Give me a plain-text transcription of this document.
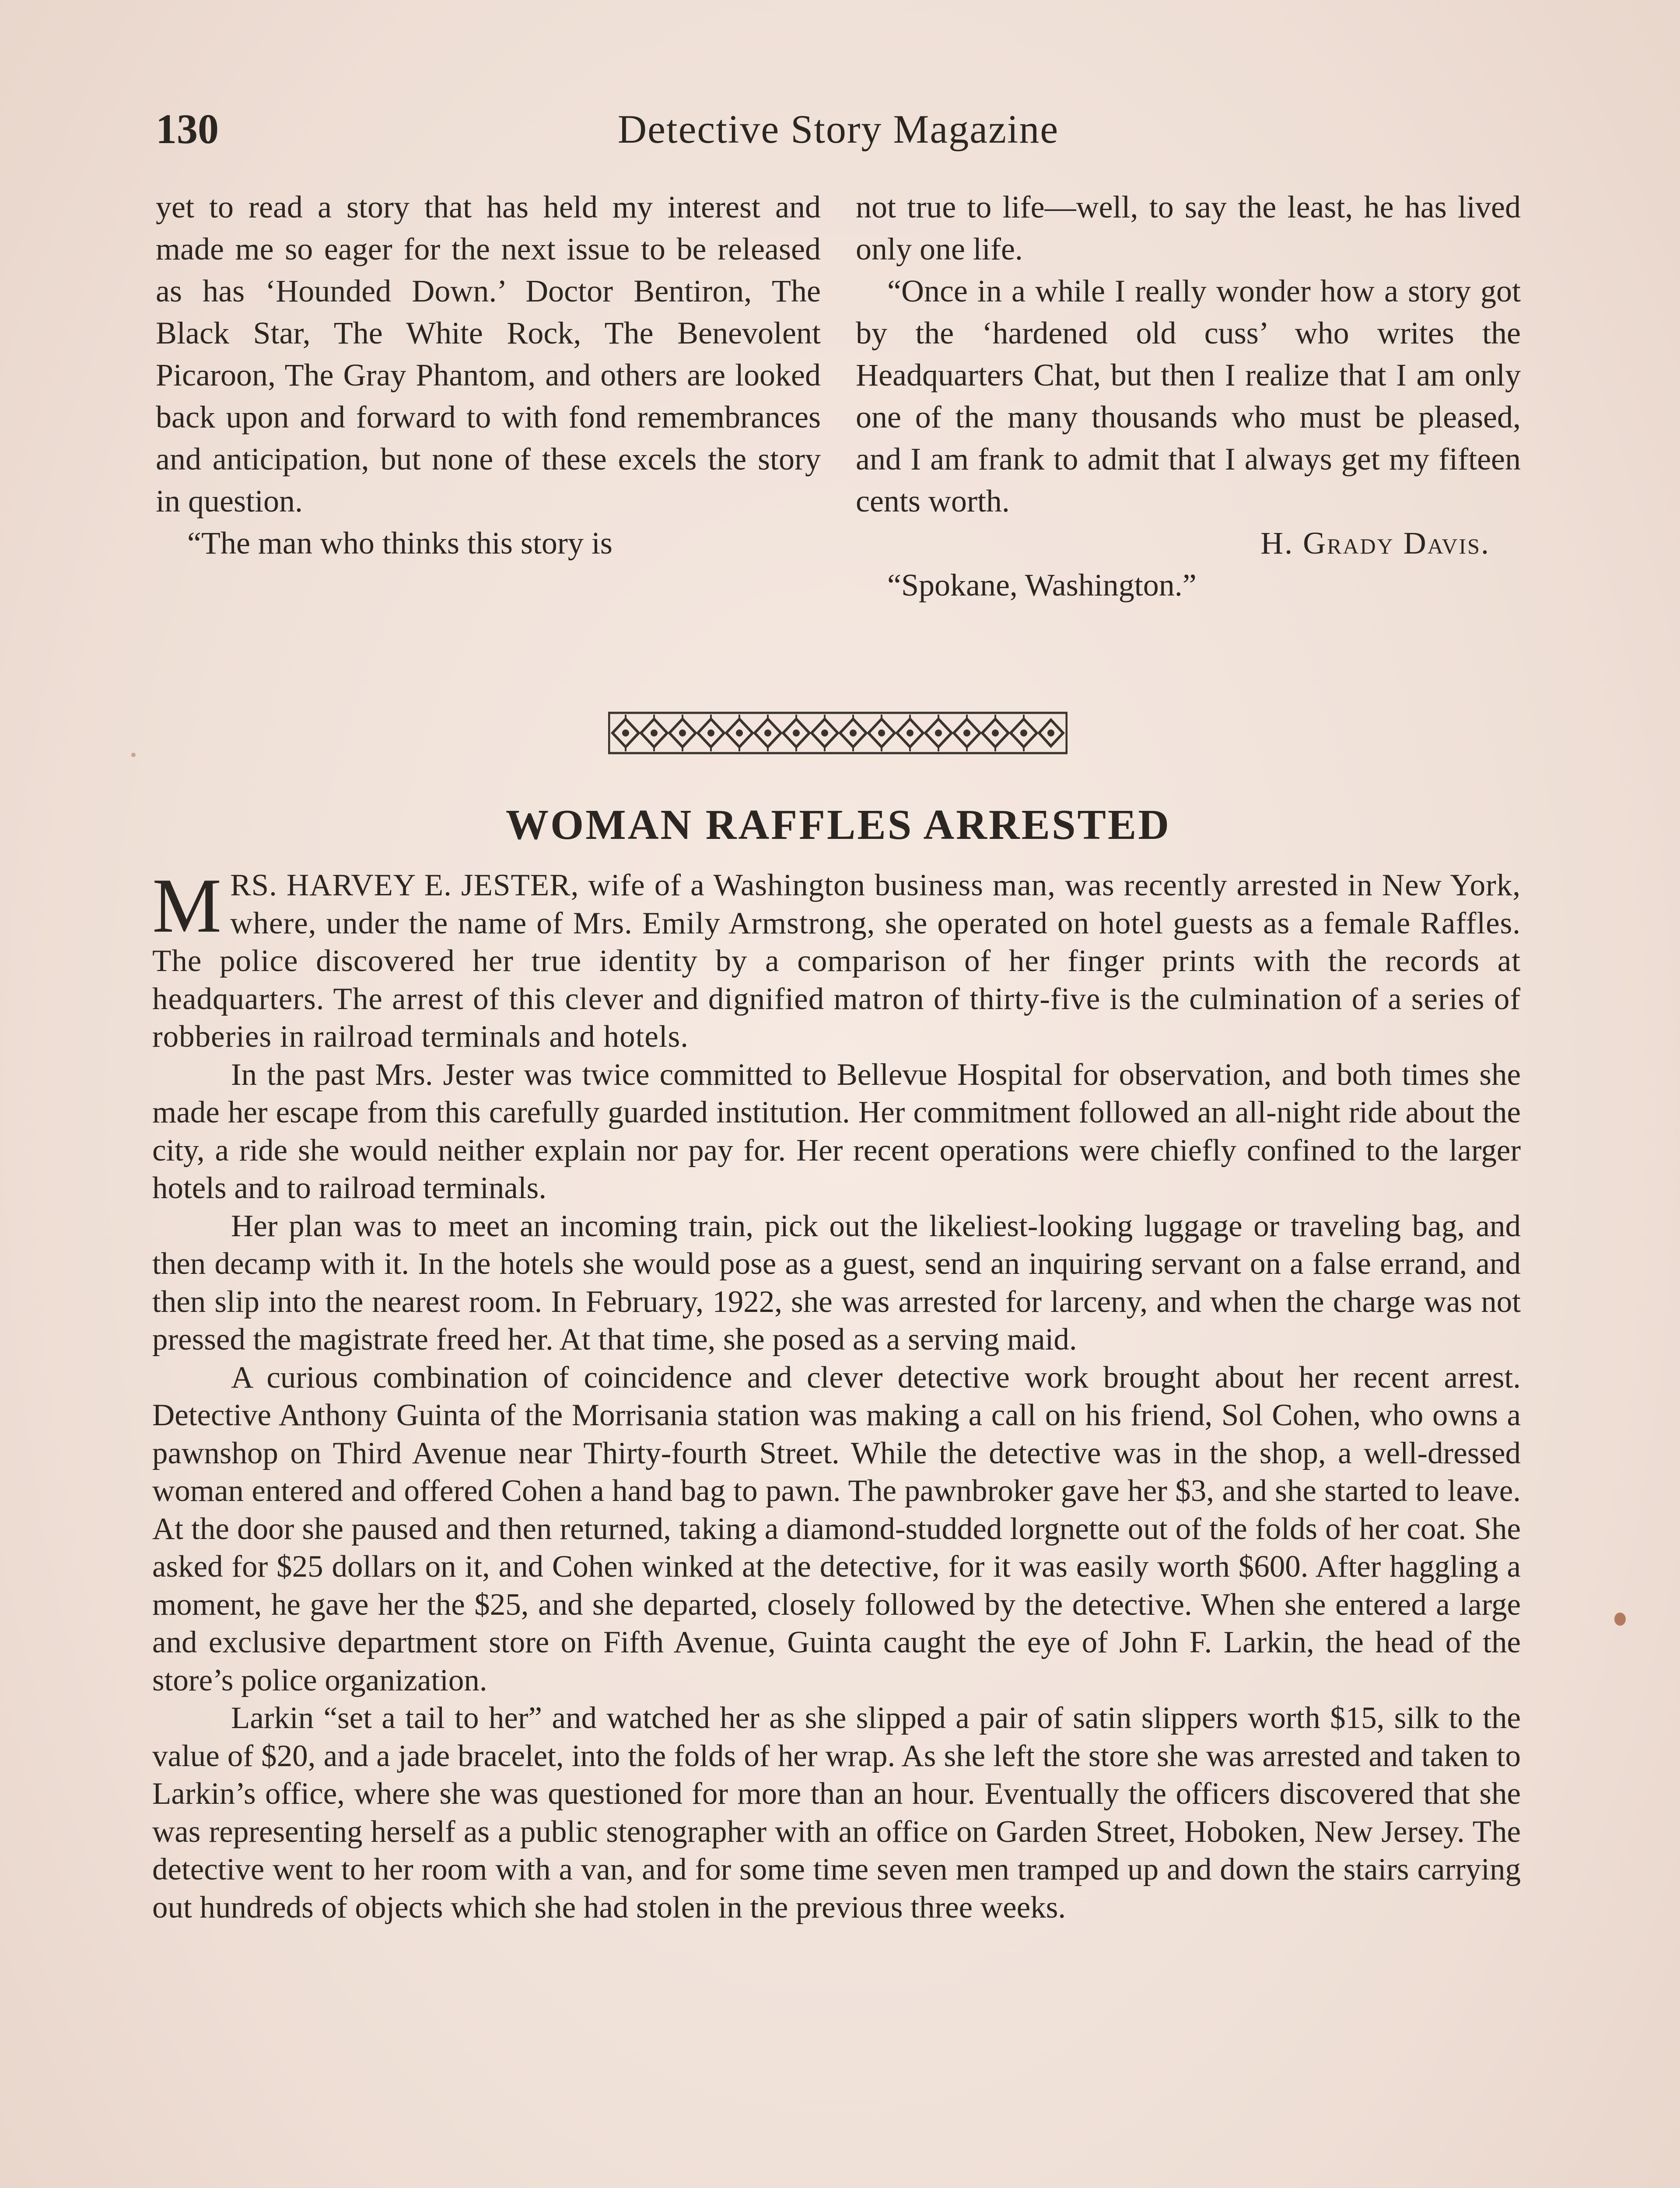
130	Detective Story Magazine

yet to read a story that has held my interest and made me so eager for the next issue to be released as has ‘Hounded Down.’ Doctor Bentiron, The Black Star, The White Rock, The Benevolent Picaroon, The Gray Phantom, and others are looked back upon and forward to with fond remembrances and anticipation, but none of these excels the story in question.

“The man who thinks this story is

not true to life—well, to say the least, he has lived only one life.

“Once in a while I really wonder how a story got by the ‘hardened old cuss’ who writes the Headquarters Chat, but then I realize that I am only one of the many thousands who must be pleased, and I am frank to admit that I always get my fifteen cents worth.

H. Grady Davis.

“Spokane, Washington.”

WOMAN RAFFLES ARRESTED

MRS. HARVEY E. JESTER, wife of a Washington business man, was recently arrested in New York, where, under the name of Mrs. Emily Armstrong, she operated on hotel guests as a female Raffles. The police discovered her true identity by a comparison of her finger prints with the records at headquarters. The arrest of this clever and dignified matron of thirty-five is the culmination of a series of robberies in railroad terminals and hotels.

In the past Mrs. Jester was twice committed to Bellevue Hospital for observation, and both times she made her escape from this carefully guarded institution. Her commitment followed an all-night ride about the city, a ride she would neither explain nor pay for. Her recent operations were chiefly confined to the larger hotels and to railroad terminals.

Her plan was to meet an incoming train, pick out the likeliest-looking luggage or traveling bag, and then decamp with it. In the hotels she would pose as a guest, send an inquiring servant on a false errand, and then slip into the nearest room. In February, 1922, she was arrested for larceny, and when the charge was not pressed the magistrate freed her. At that time, she posed as a serving maid.

A curious combination of coincidence and clever detective work brought about her recent arrest. Detective Anthony Guinta of the Morrisania station was making a call on his friend, Sol Cohen, who owns a pawnshop on Third Avenue near Thirty-fourth Street. While the detective was in the shop, a well-dressed woman entered and offered Cohen a hand bag to pawn. The pawnbroker gave her $3, and she started to leave. At the door she paused and then returned, taking a diamond-studded lorgnette out of the folds of her coat. She asked for $25 dollars on it, and Cohen winked at the detective, for it was easily worth $600. After haggling a moment, he gave her the $25, and she departed, closely followed by the detective. When she entered a large and exclusive department store on Fifth Avenue, Guinta caught the eye of John F. Larkin, the head of the store’s police organization.

Larkin “set a tail to her” and watched her as she slipped a pair of satin slippers worth $15, silk to the value of $20, and a jade bracelet, into the folds of her wrap. As she left the store she was arrested and taken to Larkin’s office, where she was questioned for more than an hour. Eventually the officers discovered that she was representing herself as a public stenographer with an office on Garden Street, Hoboken, New Jersey. The detective went to her room with a van, and for some time seven men tramped up and down the stairs carrying out hundreds of objects which she had stolen in the previous three weeks.
